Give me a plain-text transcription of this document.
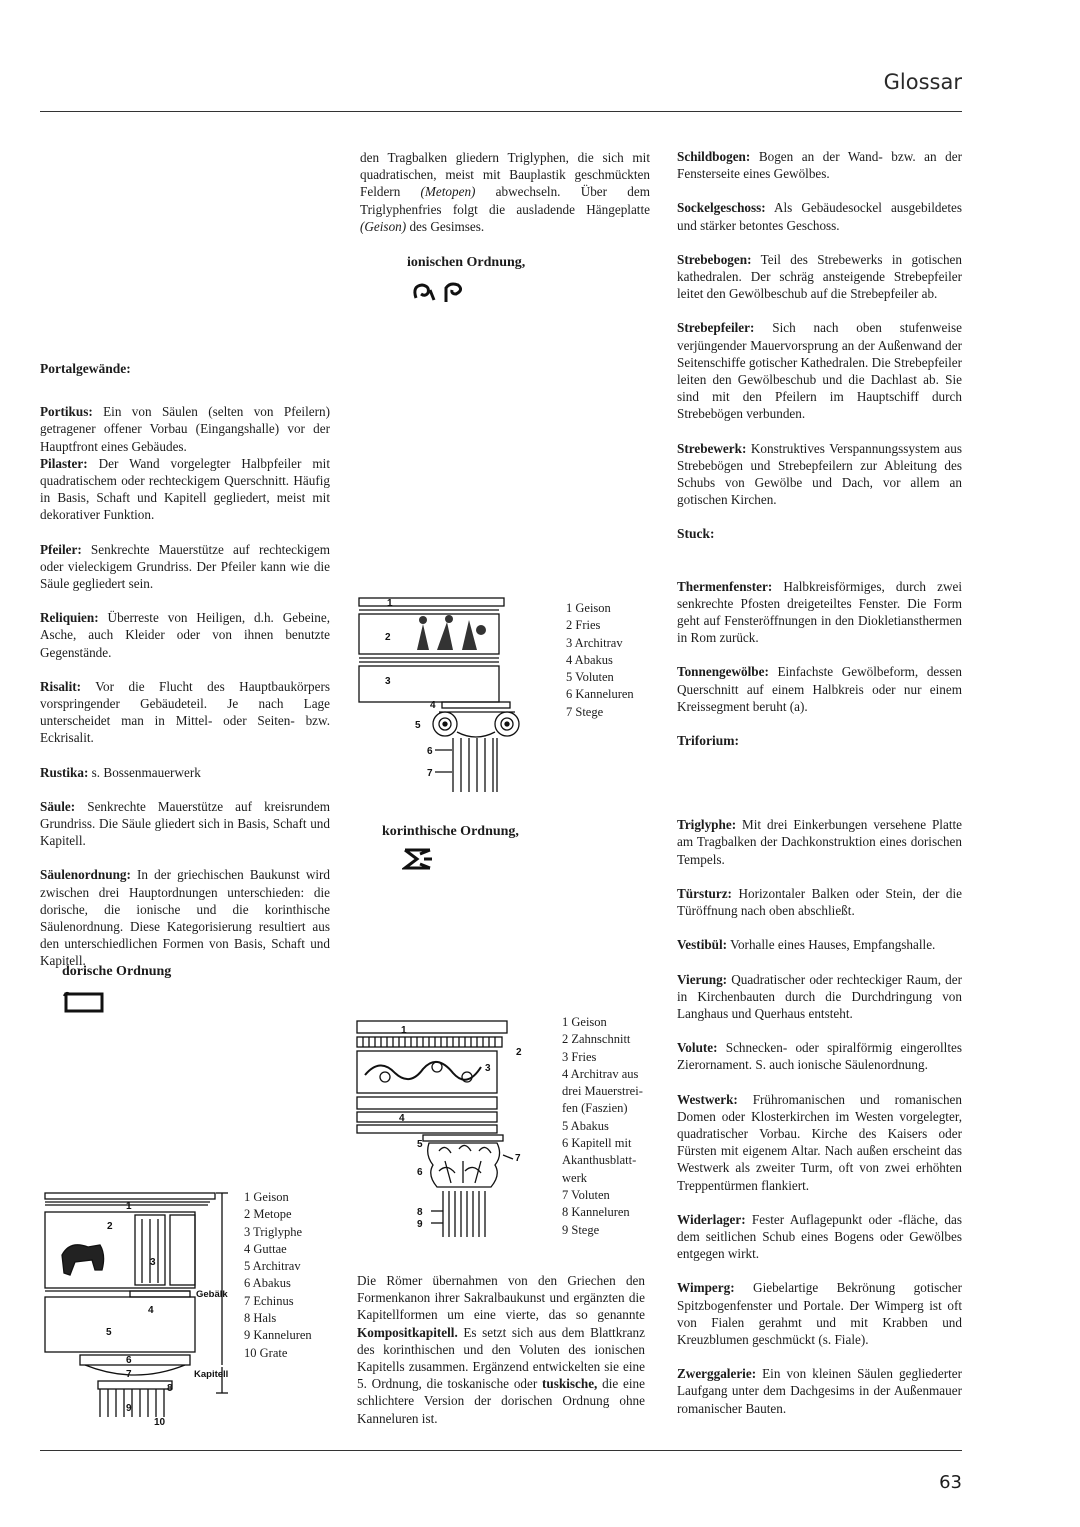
Glossar

Portalgewände:

Portikus: Ein von Säulen (selten von Pfeilern) getragener offener Vorbau (Eingangshalle) vor der Hauptfront eines Gebäudes.

Pilaster: Der Wand vorgelegter Halbpfeiler mit quadratischem oder rechteckigem Querschnitt. Häufig in Basis, Schaft und Kapitell gegliedert, meist mit dekorativer Funktion.

Pfeiler: Senkrechte Mauerstütze auf rechteckigem oder vieleckigem Grundriss. Der Pfeiler kann wie die Säule gegliedert sein.

Reliquien: Überreste von Heiligen, d.h. Gebeine, Asche, auch Kleider oder von ihnen benutzte Gegenstände.

Risalit: Vor die Flucht des Hauptbaukörpers vorspringender Gebäudeteil. Je nach Lage unterscheidet man in Mittel- oder Seiten- bzw. Eckrisalit.

Rustika: s. Bossenmauerwerk

Säule: Senkrechte Mauerstütze auf kreisrundem Grundriss. Die Säule gliedert sich in Basis, Schaft und Kapitell.

Säulenordnung: In der griechischen Baukunst wird zwischen drei Hauptordnungen unterschieden: die dorische, die ionische und die korinthische Säulenordnung. Diese Kategorisierung resultiert aus den unterschiedlichen Formen von Basis, Schaft und Kapitell.

dorische Ordnung
1
2
3
4
5
6
7
8
9
10
Gebälk
Kapitell
1 Geison
2 Metope
3 Triglyphe
4 Guttae
5 Architrav
6 Abakus
7 Echinus
8 Hals
9 Kanneluren
10 Grate

den Tragbalken gliedern Triglyphen, die sich mit quadratischen, meist mit Bauplastik geschmückten Feldern (Metopen) abwechseln. Über dem Triglyphenfries folgt die ausladende Hängeplatte (Geison) des Gesimses.

ionischen Ordnung,
1
2
3
4
5
6
7
1 Geison
2 Fries
3 Architrav
4 Abakus
5 Voluten
6 Kanneluren
7 Stege
korinthische Ordnung,
1
2
3
4
5
6
7
8
9
1 Geison
2 Zahnschnitt
3 Fries
4 Architrav aus
drei Mauerstrei-
fen (Faszien)
5 Abakus
6 Kapitell mit
Akanthusblatt-
werk
7 Voluten
8 Kanneluren
9 Stege

Die Römer übernahmen von den Griechen den Formenkanon ihrer Sakralbaukunst und ergänzten die Kapitellformen um eine vierte, das so genannte Kompositkapitell. Es setzt sich aus dem Blattkranz des korinthischen und den Voluten des ionischen Kapitells zusammen. Ergänzend entwickelten sie eine 5. Ordnung, die toskanische oder tuskische, die eine schlichtere Version der dorischen Ordnung ohne Kanneluren ist.

Schildbogen: Bogen an der Wand- bzw. an der Fensterseite eines Gewölbes.

Sockelgeschoss: Als Gebäudesockel ausgebildetes und stärker betontes Geschoss.

Strebebogen: Teil des Strebewerks in gotischen kathedralen. Der schräg ansteigende Strebepfeiler leitet den Gewölbeschub auf die Strebepfeiler ab.

Strebepfeiler: Sich nach oben stufenweise verjüngender Mauervorsprung an der Außenwand der Seitenschiffe gotischer Kathedralen. Die Strebepfeiler leiten den Gewölbeschub und die Dachlast ab. Sie sind mit den Pfeilern im Hauptschiff durch Strebebögen verbunden.

Strebewerk: Konstruktives Verspannungssystem aus Strebebögen und Strebepfeilern zur Ableitung des Schubs von Gewölbe und Dach, vor allem an gotischen Kirchen.

Stuck:

Thermenfenster: Halbkreisförmiges, durch zwei senkrechte Pfosten dreigeteiltes Fenster. Die Form geht auf Fensteröffnungen in den Diokletiansthermen in Rom zurück.

Tonnengewölbe: Einfachste Gewölbeform, dessen Querschnitt auf einem Halbkreis oder nur einem Kreissegment beruht (a).

Triforium:

Triglyphe: Mit drei Einkerbungen versehene Platte am Tragbalken der Dachkonstruktion eines dorischen Tempels.

Türsturz: Horizontaler Balken oder Stein, der die Türöffnung nach oben abschließt.

Vestibül: Vorhalle eines Hauses, Empfangshalle.

Vierung: Quadratischer oder rechteckiger Raum, der in Kirchenbauten durch die Durchdringung von Langhaus und Querhaus entsteht.

Volute: Schnecken- oder spiralförmig eingerolltes Zierornament. S. auch ionische Säulenordnung.

Westwerk: Frühromanischen und romanischen Domen oder Klosterkirchen im Westen vorgelegter, quadratischer Vorbau. Kirche des Kaisers oder Fürsten mit eigenem Altar. Nach außen erscheint das Westwerk als zweiter Turm, oft von zwei erhöhten Treppentürmen flankiert.

Widerlager: Fester Auflagepunkt oder -fläche, das dem seitlichen Schub eines Bogens oder Gewölbes entgegen wirkt.

Wimperg: Giebelartige Bekrönung gotischer Spitzbogenfenster und Portale. Der Wimperg ist oft von Fialen gerahmt und mit Krabben und Kreuzblumen geschmückt (s. Fiale).

Zwerggalerie: Ein von kleinen Säulen gegliederter Laufgang unter dem Dachgesims in der Außenmauer romanischer Bauten.

63
